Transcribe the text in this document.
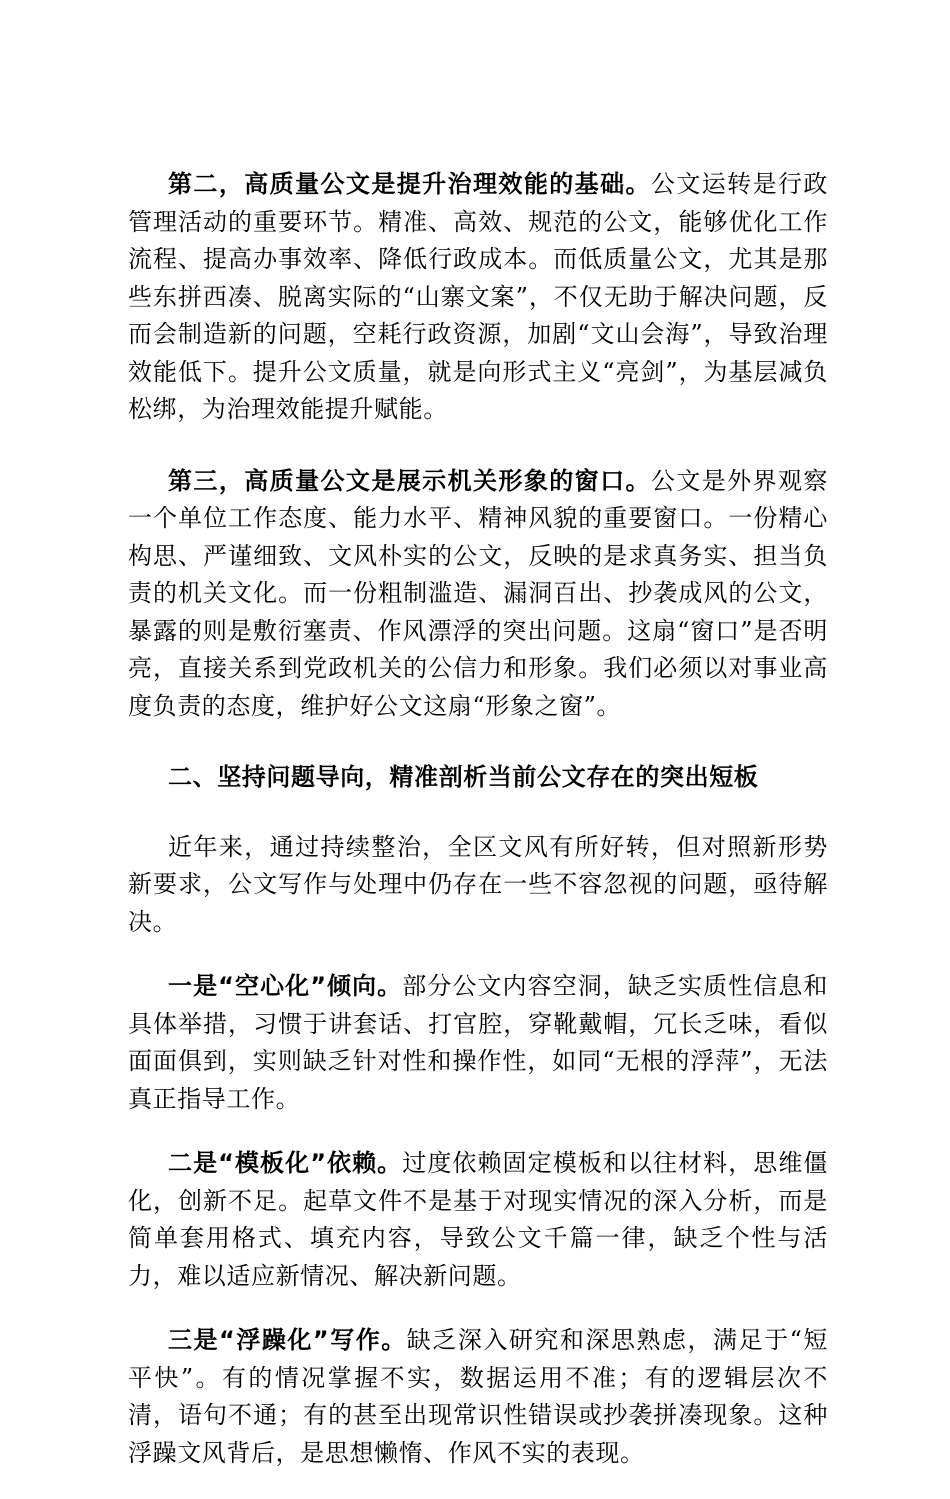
第二，高质量公文是提升治理效能的基础。公文运转是行政管理活动的重要环节。精准、高效、规范的公文，能够优化工作流程、提高办事效率、降低行政成本。而低质量公文，尤其是那些东拼西凑、脱离实际的“山寨文案”，不仅无助于解决问题，反而会制造新的问题，空耗行政资源，加剧“文山会海”，导致治理效能低下。提升公文质量，就是向形式主义“亮剑”，为基层减负松绑，为治理效能提升赋能。

第三，高质量公文是展示机关形象的窗口。公文是外界观察一个单位工作态度、能力水平、精神风貌的重要窗口。一份精心构思、严谨细致、文风朴实的公文，反映的是求真务实、担当负责的机关文化。而一份粗制滥造、漏洞百出、抄袭成风的公文，暴露的则是敷衍塞责、作风漂浮的突出问题。这扇“窗口”是否明亮，直接关系到党政机关的公信力和形象。我们必须以对事业高度负责的态度，维护好公文这扇“形象之窗”。

二、坚持问题导向，精准剖析当前公文存在的突出短板

近年来，通过持续整治，全区文风有所好转，但对照新形势新要求，公文写作与处理中仍存在一些不容忽视的问题，亟待解决。

一是“空心化”倾向。部分公文内容空洞，缺乏实质性信息和具体举措，习惯于讲套话、打官腔，穿靴戴帽，冗长乏味，看似面面俱到，实则缺乏针对性和操作性，如同“无根的浮萍”，无法真正指导工作。

二是“模板化”依赖。过度依赖固定模板和以往材料，思维僵化，创新不足。起草文件不是基于对现实情况的深入分析，而是简单套用格式、填充内容，导致公文千篇一律，缺乏个性与活力，难以适应新情况、解决新问题。

三是“浮躁化”写作。缺乏深入研究和深思熟虑，满足于“短平快”。有的情况掌握不实，数据运用不准；有的逻辑层次不清，语句不通；有的甚至出现常识性错误或抄袭拼凑现象。这种浮躁文风背后，是思想懒惰、作风不实的表现。
